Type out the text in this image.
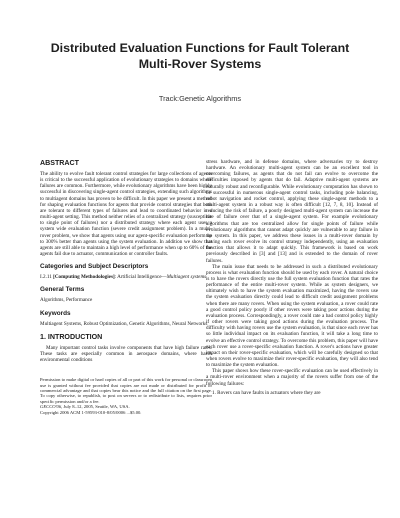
Distributed Evaluation Functions for Fault Tolerant
Multi-Rover Systems
Track:Genetic Algorithms
ABSTRACT

The ability to evolve fault tolerant control strategies for large collections of agents is critical to the successful application of evolutionary strategies to domains where failures are common. Furthermore, while evolutionary algorithms have been highly successful in discovering single-agent control strategies, extending such algorithms to multiagent domains has proven to be difficult. In this paper we present a method for shaping evaluation functions for agents that provide control strategies that both are tolerant to different types of failures and lead to coordinated behavior in a multi-agent setting. This method neither relies of a centralized strategy (susceptible to single point of failures) nor a distributed strategy where each agent uses a system wide evaluation function (severe credit assignment problem). In a multi-rover problem, we show that agents using our agent-specific evaluation perform up to 300% better than agents using the system evaluation. In addition we show that agents are still able to maintain a high level of performance when up to 60% of the agents fail due to actuator, communication or controller faults.

Categories and Subject Descriptors

I.2.11 [Computing Methodologies]: Artificial Intelligence—Multiagent systems

General Terms

Algorithms, Performance

Keywords

Multiagent Systems, Robust Optimization, Genetic Algorithms, Neural Networks

1. INTRODUCTION

Many important control tasks involve components that have high failure rates. These tasks are especially common in aerospace domains, where harsh environmental conditions

Permission to make digital or hard copies of all or part of this work for personal or classroom use is granted without fee provided that copies are not made or distributed for profit or commercial advantage and that copies bear this notice and the full citation on the first page. To copy otherwise, to republish, to post on servers or to redistribute to lists, requires prior specific permission and/or a fee.

GECCO'06, July 8–12, 2005, Seattle, WA, USA.

Copyright 2006 ACM 1-59593-010-8/05/0006 ...$5.00.

stress hardware, and in defense domains, where adversaries try to destroy hardware. An evolutionary multi-agent system can be an excellent tool in overcoming failures, as agents that do not fail can evolve to overcome the difficulties imposed by agents that do fail. Adaptive multi-agent systems are naturally robust and reconfigurable. While evolutionary computation has shown to be successful in numerous single-agent control tasks, including pole balancing, robot navigation and rocket control, applying these single-agent methods to a multi-agent system in a robust way is often difficult [12, 7, 8, 10]. Instead of reducing the risk of failure, a poorly designed multi-agent system can increase the rate of failure over that of a single-agent system. For example evolutionary algorithms that are too centralized allow for single points of failure while evolutionary algorithms that cannot adapt quickly are vulnerable to any failure in the system. In this paper, we address these issues in a multi-rover domain by having each rover evolve its control strategy independently, using an evaluation function that allows it to adapt quickly. This framework is based on work previously described in [3] and [13] and is extended to the domain of rover failures.

The main issue that needs to be addressed in such a distributed evolutionary process is what evaluation function should be used by each rover. A natural choice is to have the rovers directly use the full system evaluation function that rates the performance of the entire multi-rover system. While as system designers, we ultimately wish to have the system evaluation maximized, having the rovers use the system evaluation directly could lead to difficult credit assignment problems when there are many rovers. When using the system evaluation, a rover could rate a good control policy poorly if other rovers were taking poor actions during the evaluation process. Correspondingly, a rover could rate a bad control policy highly if other rovers were taking good actions during the evaluation process. The difficulty with having rovers use the system evaluation, is that since each rover has so little individual impact on its evaluation function, it will take a long time to evolve an effective control strategy. To overcome this problem, this paper will have each rover use a rover-specific evaluation function. A rover's actions have greater impact on their rover-specific evaluation, which will be carefully designed so that when rovers evolve to maximize their rover-specific evaluation, they will also tend to maximize the system evaluation.

This paper shows how these rover-specific evaluation can be used effectively in a multi-rover environment when a majority of the rovers suffer from one of the following failures:

1. Rovers can have faults in actuators where they are
